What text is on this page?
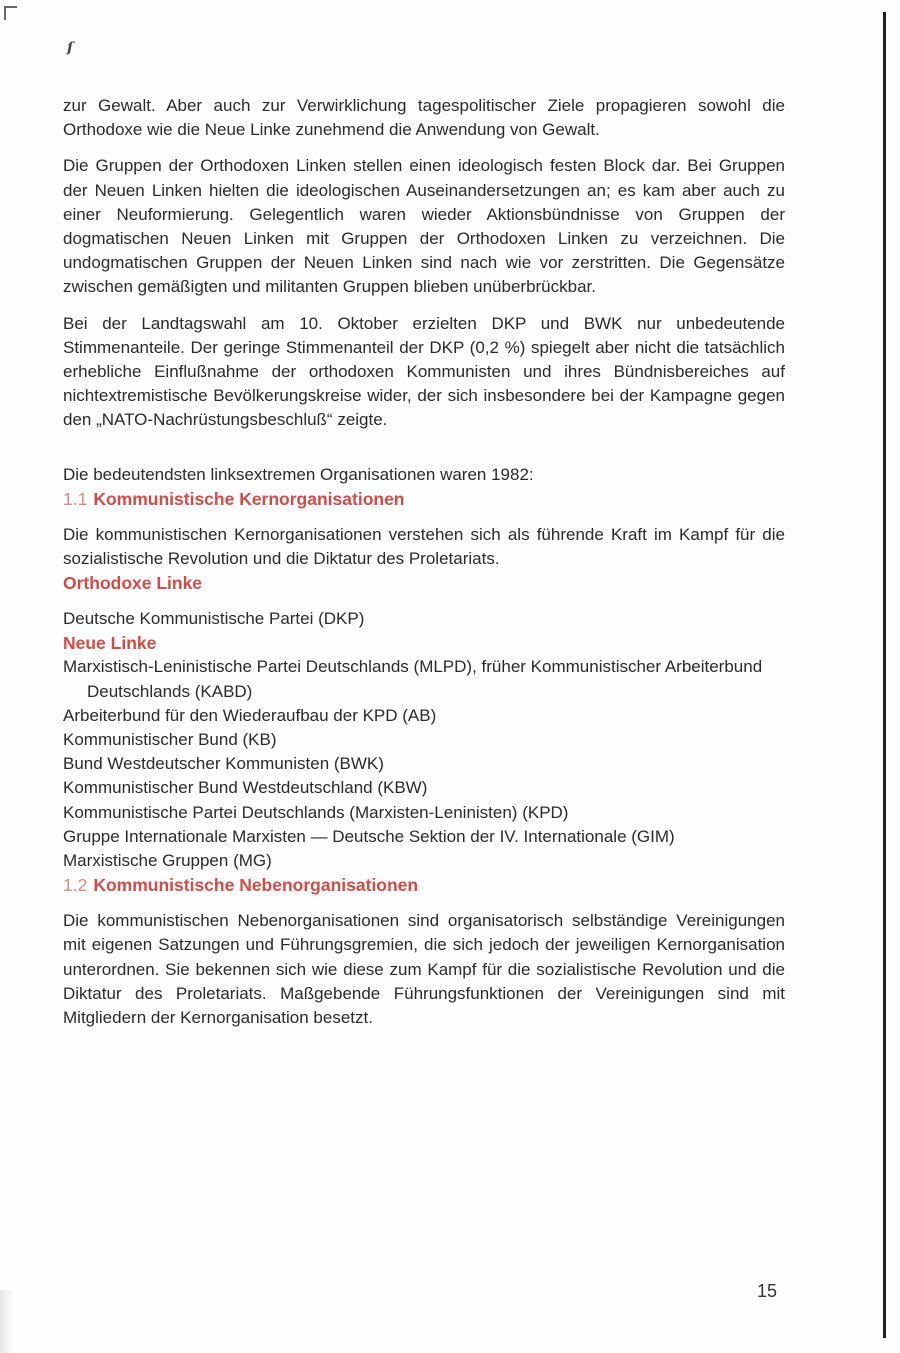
ſ

zur Gewalt. Aber auch zur Verwirklichung tagespolitischer Ziele propagieren sowohl die Orthodoxe wie die Neue Linke zunehmend die Anwendung von Gewalt.

Die Gruppen der Orthodoxen Linken stellen einen ideologisch festen Block dar. Bei Gruppen der Neuen Linken hielten die ideologischen Auseinandersetzungen an; es kam aber auch zu einer Neuformierung. Gelegentlich waren wieder Aktionsbündnisse von Gruppen der dogmatischen Neuen Linken mit Gruppen der Orthodoxen Linken zu verzeichnen. Die undogmatischen Gruppen der Neuen Linken sind nach wie vor zerstritten. Die Gegensätze zwischen gemäßigten und militanten Gruppen blieben unüberbrückbar.

Bei der Landtagswahl am 10. Oktober erzielten DKP und BWK nur unbedeutende Stimmenanteile. Der geringe Stimmenanteil der DKP (0,2 %) spiegelt aber nicht die tatsächlich erhebliche Einflußnahme der orthodoxen Kommunisten und ihres Bündnisbereiches auf nichtextremistische Bevölkerungskreise wider, der sich insbesondere bei der Kampagne gegen den „NATO-Nachrüstungsbeschluß“ zeigte.

Die bedeutendsten linksextremen Organisationen waren 1982:

1.1 Kommunistische Kernorganisationen

Die kommunistischen Kernorganisationen verstehen sich als führende Kraft im Kampf für die sozialistische Revolution und die Diktatur des Proletariats.

Orthodoxe Linke

Deutsche Kommunistische Partei (DKP)

Neue Linke
Marxistisch-Leninistische Partei Deutschlands (MLPD), früher Kommunistischer Arbeiterbund Deutschlands (KABD)
Arbeiterbund für den Wiederaufbau der KPD (AB)
Kommunistischer Bund (KB)
Bund Westdeutscher Kommunisten (BWK)
Kommunistischer Bund Westdeutschland (KBW)
Kommunistische Partei Deutschlands (Marxisten-Leninisten) (KPD)
Gruppe Internationale Marxisten — Deutsche Sektion der IV. Internationale (GIM)
Marxistische Gruppen (MG)
1.2 Kommunistische Nebenorganisationen

Die kommunistischen Nebenorganisationen sind organisatorisch selbständige Vereinigungen mit eigenen Satzungen und Führungsgremien, die sich jedoch der jeweiligen Kernorganisation unterordnen. Sie bekennen sich wie diese zum Kampf für die sozialistische Revolution und die Diktatur des Proletariats. Maßgebende Führungsfunktionen der Vereinigungen sind mit Mitgliedern der Kernorganisation besetzt.

15
